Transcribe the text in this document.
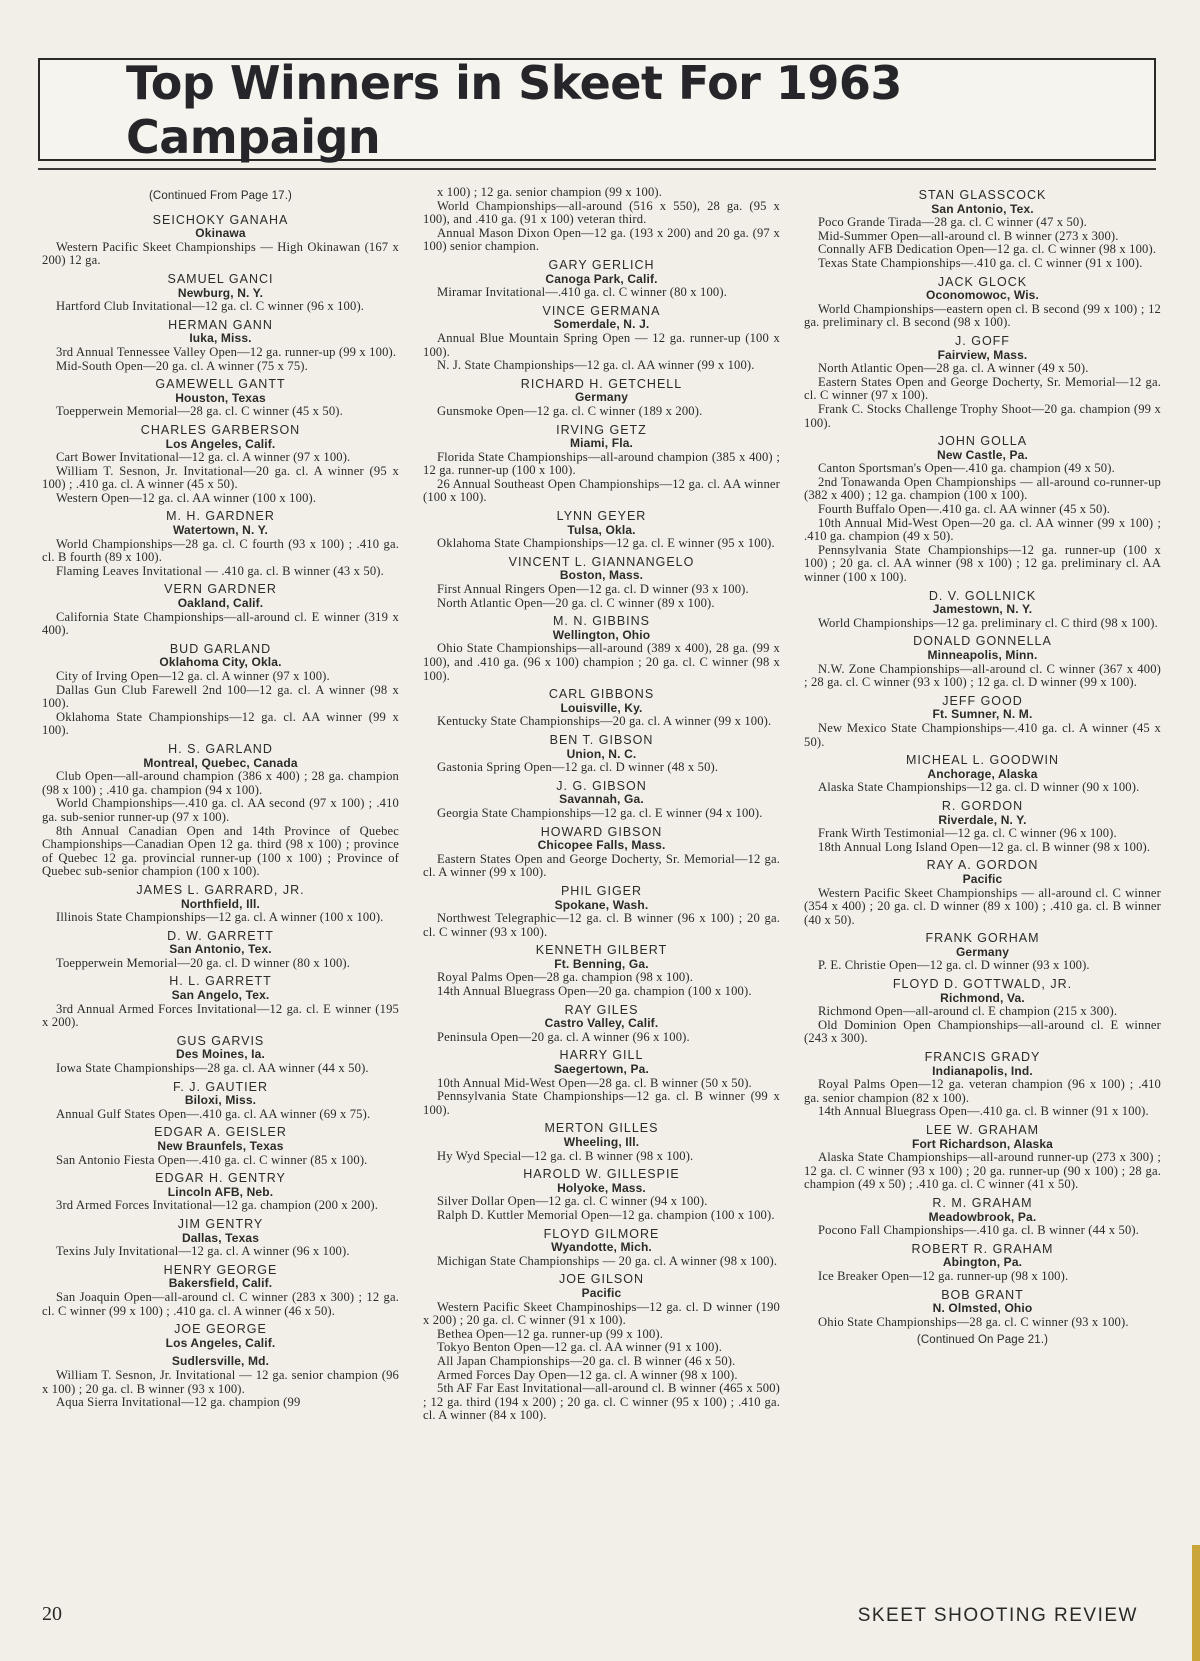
Top Winners in Skeet For 1963 Campaign
(Continued From Page 17.)
SEICHOKY GANAHA
Okinawa
Western Pacific Skeet Championships — High Okinawan (167 x 200) 12 ga.
SAMUEL GANCI
Newburg, N. Y.
Hartford Club Invitational—12 ga. cl. C winner (96 x 100).
HERMAN GANN
Iuka, Miss.
3rd Annual Tennessee Valley Open—12 ga. runner-up (99 x 100).
Mid-South Open—20 ga. cl. A winner (75 x 75).
GAMEWELL GANTT
Houston, Texas
Toepperwein Memorial—28 ga. cl. C winner (45 x 50).
CHARLES GARBERSON
Los Angeles, Calif.
Cart Bower Invitational—12 ga. cl. A winner (97 x 100).
William T. Sesnon, Jr. Invitational—20 ga. cl. A winner (95 x 100) ; .410 ga. cl. A winner (45 x 50).
Western Open—12 ga. cl. AA winner (100 x 100).
M. H. GARDNER
Watertown, N. Y.
World Championships—28 ga. cl. C fourth (93 x 100) ; .410 ga. cl. B fourth (89 x 100).
Flaming Leaves Invitational — .410 ga. cl. B winner (43 x 50).
VERN GARDNER
Oakland, Calif.
California State Championships—all-around cl. E winner (319 x 400).
BUD GARLAND
Oklahoma City, Okla.
City of Irving Open—12 ga. cl. A winner (97 x 100).
Dallas Gun Club Farewell 2nd 100—12 ga. cl. A winner (98 x 100).
Oklahoma State Championships—12 ga. cl. AA winner (99 x 100).
H. S. GARLAND
Montreal, Quebec, Canada
Club Open—all-around champion (386 x 400) ; 28 ga. champion (98 x 100) ; .410 ga. champion (94 x 100).
World Championships—.410 ga. cl. AA second (97 x 100) ; .410 ga. sub-senior runner-up (97 x 100).
8th Annual Canadian Open and 14th Province of Quebec Championships—Canadian Open 12 ga. third (98 x 100) ; province of Quebec 12 ga. provincial runner-up (100 x 100) ; Province of Quebec sub-senior champion (100 x 100).
JAMES L. GARRARD, JR.
Northfield, Ill.
Illinois State Championships—12 ga. cl. A winner (100 x 100).
D. W. GARRETT
San Antonio, Tex.
Toepperwein Memorial—20 ga. cl. D winner (80 x 100).
H. L. GARRETT
San Angelo, Tex.
3rd Annual Armed Forces Invitational—12 ga. cl. E winner (195 x 200).
GUS GARVIS
Des Moines, Ia.
Iowa State Championships—28 ga. cl. AA winner (44 x 50).
F. J. GAUTIER
Biloxi, Miss.
Annual Gulf States Open—.410 ga. cl. AA winner (69 x 75).
EDGAR A. GEISLER
New Braunfels, Texas
San Antonio Fiesta Open—.410 ga. cl. C winner (85 x 100).
EDGAR H. GENTRY
Lincoln AFB, Neb.
3rd Armed Forces Invitational—12 ga. champion (200 x 200).
JIM GENTRY
Dallas, Texas
Texins July Invitational—12 ga. cl. A winner (96 x 100).
HENRY GEORGE
Bakersfield, Calif.
San Joaquin Open—all-around cl. C winner (283 x 300) ; 12 ga. cl. C winner (99 x 100) ; .410 ga. cl. A winner (46 x 50).
JOE GEORGE
Los Angeles, Calif.
Sudlersville, Md.
William T. Sesnon, Jr. Invitational — 12 ga. senior champion (96 x 100) ; 20 ga. cl. B winner (93 x 100).
Aqua Sierra Invitational—12 ga. champion (99
x 100) ; 12 ga. senior champion (99 x 100).
World Championships—all-around (516 x 550), 28 ga. (95 x 100), and .410 ga. (91 x 100) veteran third.
Annual Mason Dixon Open—12 ga. (193 x 200) and 20 ga. (97 x 100) senior champion.
GARY GERLICH
Canoga Park, Calif.
Miramar Invitational—.410 ga. cl. C winner (80 x 100).
VINCE GERMANA
Somerdale, N. J.
Annual Blue Mountain Spring Open — 12 ga. runner-up (100 x 100).
N. J. State Championships—12 ga. cl. AA winner (99 x 100).
RICHARD H. GETCHELL
Germany
Gunsmoke Open—12 ga. cl. C winner (189 x 200).
IRVING GETZ
Miami, Fla.
Florida State Championships—all-around champion (385 x 400) ; 12 ga. runner-up (100 x 100).
26 Annual Southeast Open Championships—12 ga. cl. AA winner (100 x 100).
LYNN GEYER
Tulsa, Okla.
Oklahoma State Championships—12 ga. cl. E winner (95 x 100).
VINCENT L. GIANNANGELO
Boston, Mass.
First Annual Ringers Open—12 ga. cl. D winner (93 x 100).
North Atlantic Open—20 ga. cl. C winner (89 x 100).
M. N. GIBBINS
Wellington, Ohio
Ohio State Championships—all-around (389 x 400), 28 ga. (99 x 100), and .410 ga. (96 x 100) champion ; 20 ga. cl. C winner (98 x 100).
CARL GIBBONS
Louisville, Ky.
Kentucky State Championships—20 ga. cl. A winner (99 x 100).
BEN T. GIBSON
Union, N. C.
Gastonia Spring Open—12 ga. cl. D winner (48 x 50).
J. G. GIBSON
Savannah, Ga.
Georgia State Championships—12 ga. cl. E winner (94 x 100).
HOWARD GIBSON
Chicopee Falls, Mass.
Eastern States Open and George Docherty, Sr. Memorial—12 ga. cl. A winner (99 x 100).
PHIL GIGER
Spokane, Wash.
Northwest Telegraphic—12 ga. cl. B winner (96 x 100) ; 20 ga. cl. C winner (93 x 100).
KENNETH GILBERT
Ft. Benning, Ga.
Royal Palms Open—28 ga. champion (98 x 100).
14th Annual Bluegrass Open—20 ga. champion (100 x 100).
RAY GILES
Castro Valley, Calif.
Peninsula Open—20 ga. cl. A winner (96 x 100).
HARRY GILL
Saegertown, Pa.
10th Annual Mid-West Open—28 ga. cl. B winner (50 x 50).
Pennsylvania State Championships—12 ga. cl. B winner (99 x 100).
MERTON GILLES
Wheeling, Ill.
Hy Wyd Special—12 ga. cl. B winner (98 x 100).
HAROLD W. GILLESPIE
Holyoke, Mass.
Silver Dollar Open—12 ga. cl. C winner (94 x 100).
Ralph D. Kuttler Memorial Open—12 ga. champion (100 x 100).
FLOYD GILMORE
Wyandotte, Mich.
Michigan State Championships — 20 ga. cl. A winner (98 x 100).
JOE GILSON
Pacific
Western Pacific Skeet Champinoships—12 ga. cl. D winner (190 x 200) ; 20 ga. cl. C winner (91 x 100).
Bethea Open—12 ga. runner-up (99 x 100).
Tokyo Benton Open—12 ga. cl. AA winner (91 x 100).
All Japan Championships—20 ga. cl. B winner (46 x 50).
Armed Forces Day Open—12 ga. cl. A winner (98 x 100).
5th AF Far East Invitational—all-around cl. B winner (465 x 500) ; 12 ga. third (194 x 200) ; 20 ga. cl. C winner (95 x 100) ; .410 ga. cl. A winner (84 x 100).
STAN GLASSCOCK
San Antonio, Tex.
Poco Grande Tirada—28 ga. cl. C winner (47 x 50).
Mid-Summer Open—all-around cl. B winner (273 x 300).
Connally AFB Dedication Open—12 ga. cl. C winner (98 x 100).
Texas State Championships—.410 ga. cl. C winner (91 x 100).
JACK GLOCK
Oconomowoc, Wis.
World Championships—eastern open cl. B second (99 x 100) ; 12 ga. preliminary cl. B second (98 x 100).
J. GOFF
Fairview, Mass.
North Atlantic Open—28 ga. cl. A winner (49 x 50).
Eastern States Open and George Docherty, Sr. Memorial—12 ga. cl. C winner (97 x 100).
Frank C. Stocks Challenge Trophy Shoot—20 ga. champion (99 x 100).
JOHN GOLLA
New Castle, Pa.
Canton Sportsman's Open—.410 ga. champion (49 x 50).
2nd Tonawanda Open Championships — all-around co-runner-up (382 x 400) ; 12 ga. champion (100 x 100).
Fourth Buffalo Open—.410 ga. cl. AA winner (45 x 50).
10th Annual Mid-West Open—20 ga. cl. AA winner (99 x 100) ; .410 ga. champion (49 x 50).
Pennsylvania State Championships—12 ga. runner-up (100 x 100) ; 20 ga. cl. AA winner (98 x 100) ; 12 ga. preliminary cl. AA winner (100 x 100).
D. V. GOLLNICK
Jamestown, N. Y.
World Championships—12 ga. preliminary cl. C third (98 x 100).
DONALD GONNELLA
Minneapolis, Minn.
N.W. Zone Championships—all-around cl. C winner (367 x 400) ; 28 ga. cl. C winner (93 x 100) ; 12 ga. cl. D winner (99 x 100).
JEFF GOOD
Ft. Sumner, N. M.
New Mexico State Championships—.410 ga. cl. A winner (45 x 50).
MICHEAL L. GOODWIN
Anchorage, Alaska
Alaska State Championships—12 ga. cl. D winner (90 x 100).
R. GORDON
Riverdale, N. Y.
Frank Wirth Testimonial—12 ga. cl. C winner (96 x 100).
18th Annual Long Island Open—12 ga. cl. B winner (98 x 100).
RAY A. GORDON
Pacific
Western Pacific Skeet Championships — all-around cl. C winner (354 x 400) ; 20 ga. cl. D winner (89 x 100) ; .410 ga. cl. B winner (40 x 50).
FRANK GORHAM
Germany
P. E. Christie Open—12 ga. cl. D winner (93 x 100).
FLOYD D. GOTTWALD, JR.
Richmond, Va.
Richmond Open—all-around cl. E champion (215 x 300).
Old Dominion Open Championships—all-around cl. E winner (243 x 300).
FRANCIS GRADY
Indianapolis, Ind.
Royal Palms Open—12 ga. veteran champion (96 x 100) ; .410 ga. senior champion (82 x 100).
14th Annual Bluegrass Open—.410 ga. cl. B winner (91 x 100).
LEE W. GRAHAM
Fort Richardson, Alaska
Alaska State Championships—all-around runner-up (273 x 300) ; 12 ga. cl. C winner (93 x 100) ; 20 ga. runner-up (90 x 100) ; 28 ga. champion (49 x 50) ; .410 ga. cl. C winner (41 x 50).
R. M. GRAHAM
Meadowbrook, Pa.
Pocono Fall Championships—.410 ga. cl. B winner (44 x 50).
ROBERT R. GRAHAM
Abington, Pa.
Ice Breaker Open—12 ga. runner-up (98 x 100).
BOB GRANT
N. Olmsted, Ohio
Ohio State Championships—28 ga. cl. C winner (93 x 100).
(Continued On Page 21.)
20	SKEET SHOOTING REVIEW
